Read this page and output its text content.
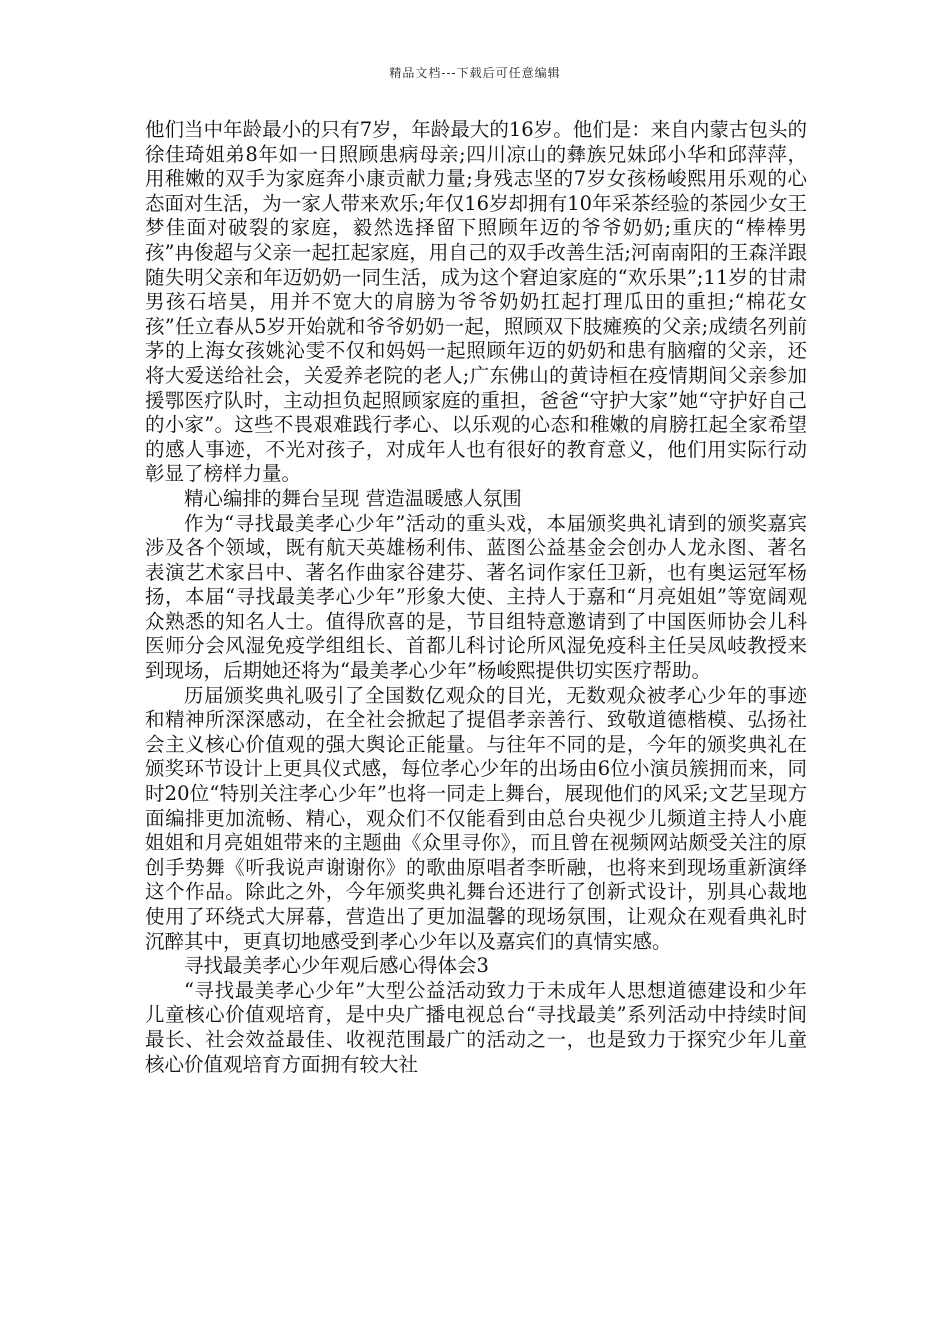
精品文档---下载后可任意编辑

他们当中年龄最小的只有7岁，年龄最大的16岁。他们是：来自内蒙古包头的徐佳琦姐弟8年如一日照顾患病母亲;四川凉山的彝族兄妹邱小华和邱萍萍，用稚嫩的双手为家庭奔小康贡献力量;身残志坚的7岁女孩杨峻熙用乐观的心态面对生活，为一家人带来欢乐;年仅16岁却拥有10年采茶经验的茶园少女王梦佳面对破裂的家庭，毅然选择留下照顾年迈的爷爷奶奶;重庆的“棒棒男孩”冉俊超与父亲一起扛起家庭，用自己的双手改善生活;河南南阳的王森洋跟随失明父亲和年迈奶奶一同生活，成为这个窘迫家庭的“欢乐果”;11岁的甘肃男孩石培昊，用并不宽大的肩膀为爷爷奶奶扛起打理瓜田的重担;“棉花女孩”任立春从5岁开始就和爷爷奶奶一起，照顾双下肢瘫痪的父亲;成绩名列前茅的上海女孩姚沁雯不仅和妈妈一起照顾年迈的奶奶和患有脑瘤的父亲，还将大爱送给社会，关爱养老院的老人;广东佛山的黄诗桓在疫情期间父亲参加援鄂医疗队时，主动担负起照顾家庭的重担，爸爸“守护大家”她“守护好自己的小家”。这些不畏艰难践行孝心、以乐观的心态和稚嫩的肩膀扛起全家希望的感人事迹，不光对孩子，对成年人也有很好的教育意义，他们用实际行动彰显了榜样力量。

精心编排的舞台呈现 营造温暖感人氛围

作为“寻找最美孝心少年”活动的重头戏，本届颁奖典礼请到的颁奖嘉宾涉及各个领域，既有航天英雄杨利伟、蓝图公益基金会创办人龙永图、著名表演艺术家吕中、著名作曲家谷建芬、著名词作家任卫新，也有奥运冠军杨扬，本届“寻找最美孝心少年”形象大使、主持人于嘉和“月亮姐姐”等宽阔观众熟悉的知名人士。值得欣喜的是，节目组特意邀请到了中国医师协会儿科医师分会风湿免疫学组组长、首都儿科讨论所风湿免疫科主任吴凤岐教授来到现场，后期她还将为“最美孝心少年”杨峻熙提供切实医疗帮助。

历届颁奖典礼吸引了全国数亿观众的目光，无数观众被孝心少年的事迹和精神所深深感动，在全社会掀起了提倡孝亲善行、致敬道德楷模、弘扬社会主义核心价值观的强大舆论正能量。与往年不同的是，今年的颁奖典礼在颁奖环节设计上更具仪式感，每位孝心少年的出场由6位小演员簇拥而来，同时20位“特别关注孝心少年”也将一同走上舞台，展现他们的风采;文艺呈现方面编排更加流畅、精心，观众们不仅能看到由总台央视少儿频道主持人小鹿姐姐和月亮姐姐带来的主题曲《众里寻你》，而且曾在视频网站颇受关注的原创手势舞《听我说声谢谢你》的歌曲原唱者李昕融，也将来到现场重新演绎这个作品。除此之外，今年颁奖典礼舞台还进行了创新式设计，别具心裁地使用了环绕式大屏幕，营造出了更加温馨的现场氛围，让观众在观看典礼时沉醉其中，更真切地感受到孝心少年以及嘉宾们的真情实感。

寻找最美孝心少年观后感心得体会3

“寻找最美孝心少年”大型公益活动致力于未成年人思想道德建设和少年儿童核心价值观培育，是中央广播电视总台“寻找最美”系列活动中持续时间最长、社会效益最佳、收视范围最广的活动之一，也是致力于探究少年儿童核心价值观培育方面拥有较大社
